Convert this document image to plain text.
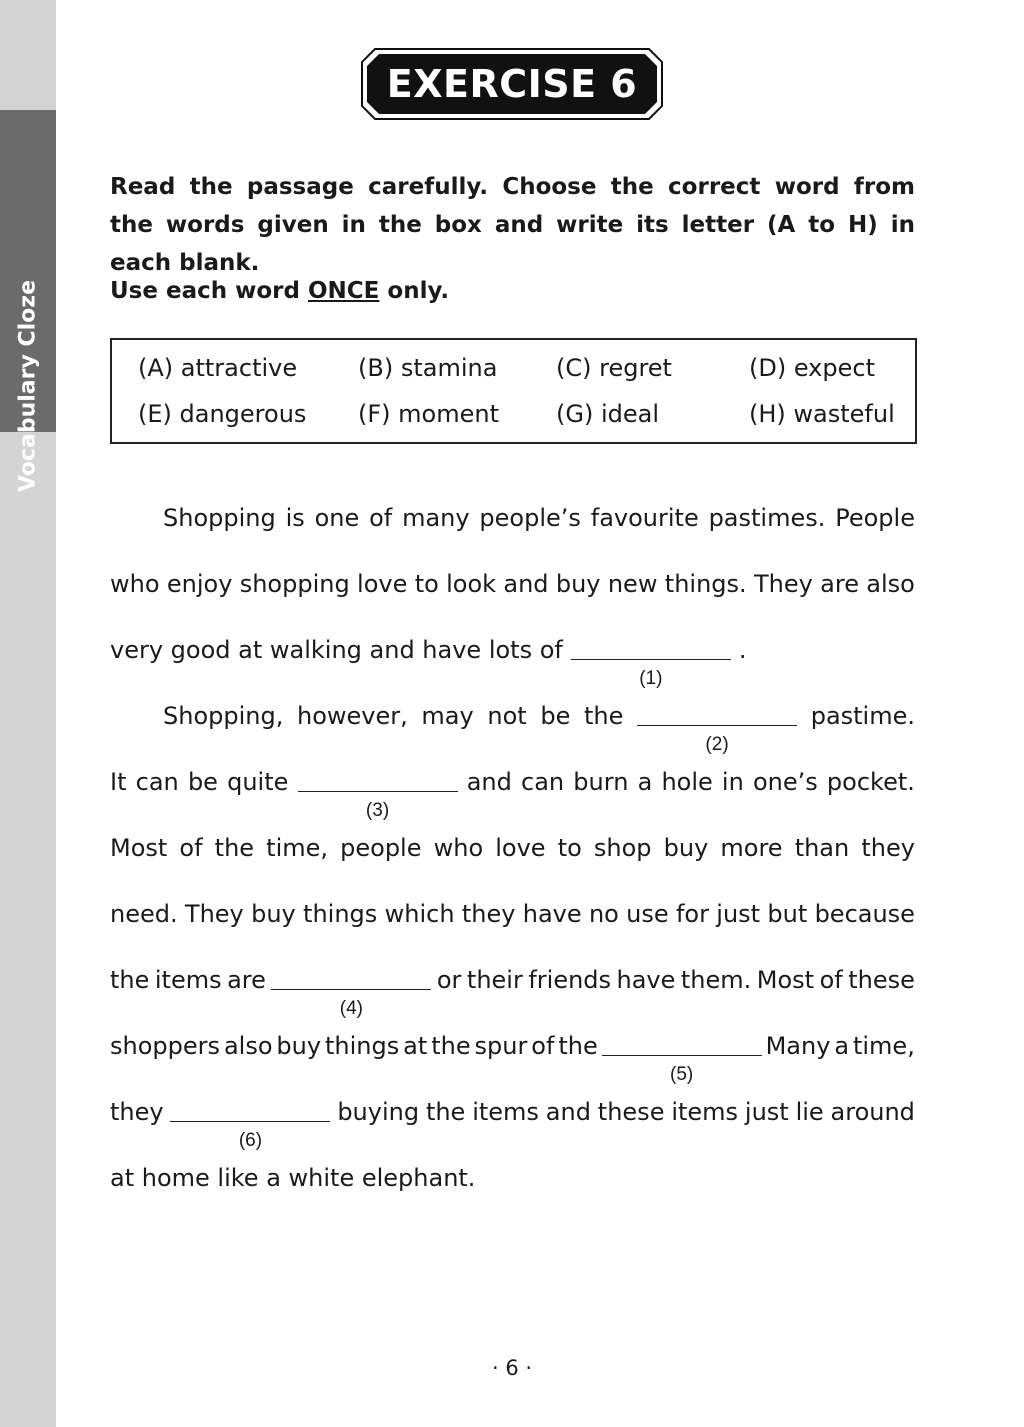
Vocabulary Cloze
EXERCISE 6
Read the passage carefully. Choose the correct word from the words given in the box and write its letter (A to H) in each blank.
Use each word ONCE only.
(A) attractive	(B) stamina (C) regret	(D) expect
(E) dangerous (F) moment (G) ideal	(H) wasteful
Shopping is one of many people’s favourite pastimes. People
who enjoy shopping love to look and buy new things. They are also
very good at walking and have lots of
(1)
.
Shopping, however, may not be the
(2)
pastime.
It can be quite
(3)
and can burn a hole in one’s pocket.
Most of the time, people who love to shop buy more than they
need. They buy things which they have no use for just but because
the items are
(4)
or their friends have them. Most of these
shoppers also buy things at the spur of the
(5)
Many a time,
they
(6)
buying the items and these items just lie around
at home like a white elephant.
· 6 ·
